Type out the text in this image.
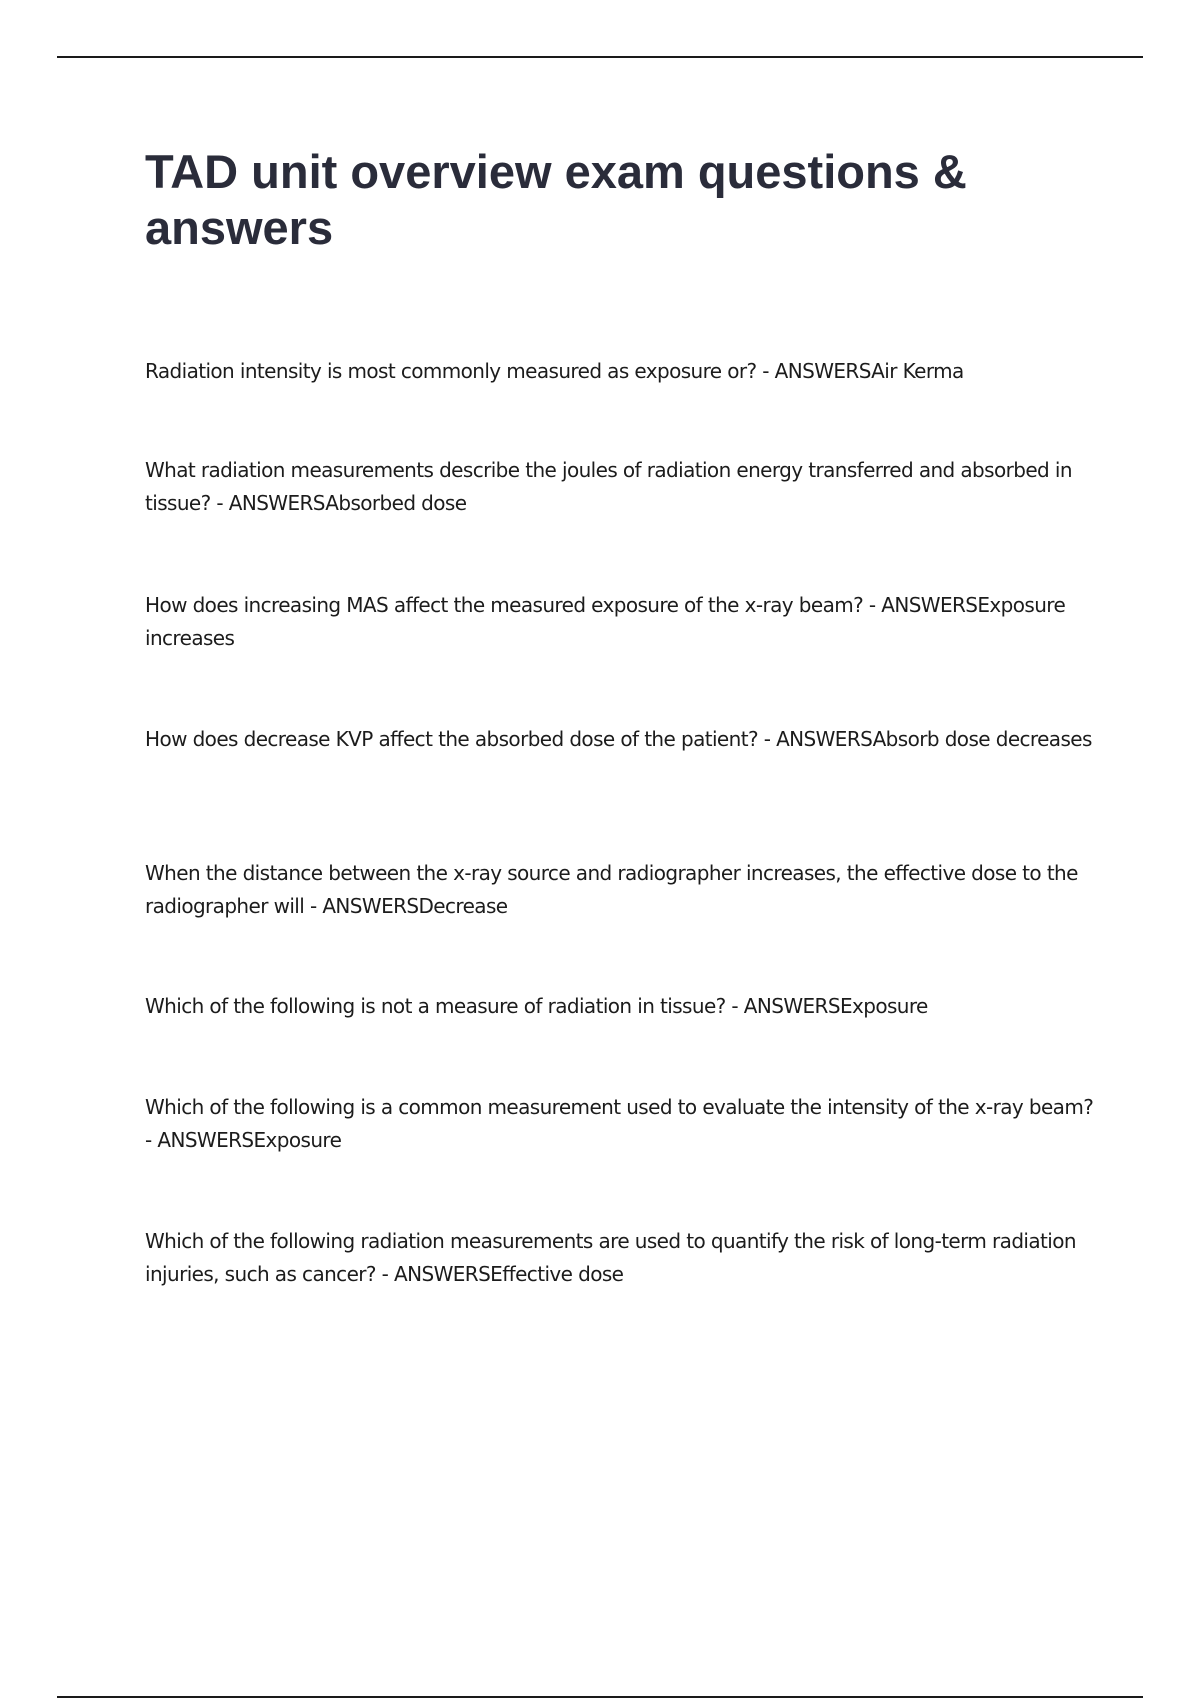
TAD unit overview exam questions & answers
Radiation intensity is most commonly measured as exposure or? - ANSWERSAir Kerma
What radiation measurements describe the joules of radiation energy transferred and absorbed in tissue? - ANSWERSAbsorbed dose
How does increasing MAS affect the measured exposure of the x-ray beam? - ANSWERSExposure increases
How does decrease KVP affect the absorbed dose of the patient? - ANSWERSAbsorb dose decreases
When the distance between the x-ray source and radiographer increases, the effective dose to the radiographer will - ANSWERSDecrease
Which of the following is not a measure of radiation in tissue? - ANSWERSExposure
Which of the following is a common measurement used to evaluate the intensity of the x-ray beam? - ANSWERSExposure
Which of the following radiation measurements are used to quantify the risk of long-term radiation injuries, such as cancer? - ANSWERSEffective dose
